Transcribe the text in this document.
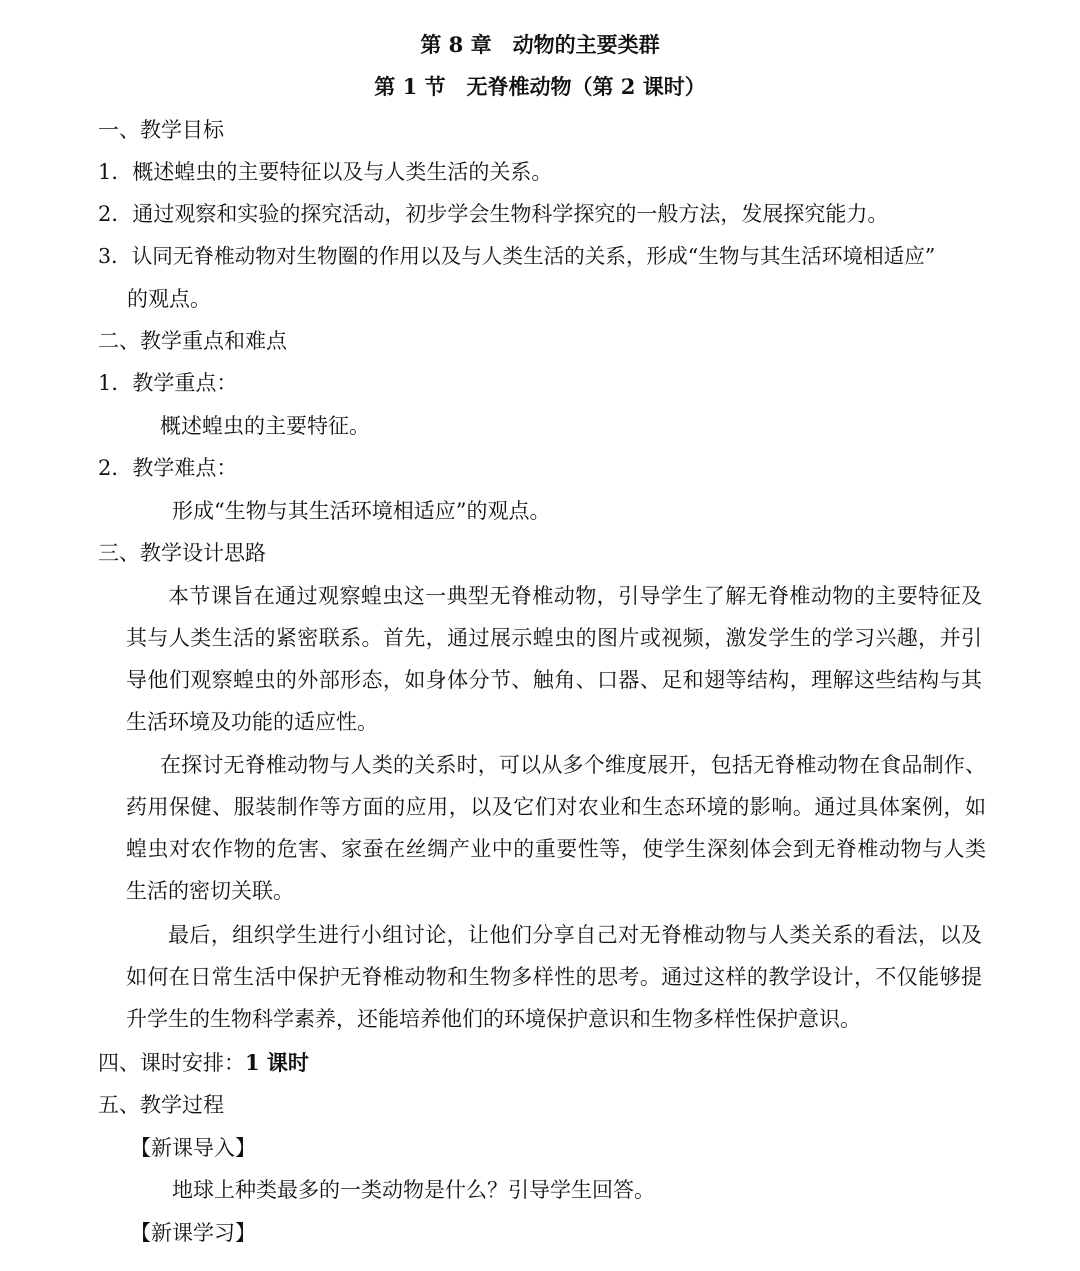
第 8 章　动物的主要类群
第 1 节　无脊椎动物（第 2 课时）
一、教学目标
1．概述蝗虫的主要特征以及与人类生活的关系。
2．通过观察和实验的探究活动，初步学会生物科学探究的一般方法，发展探究能力。
3．认同无脊椎动物对生物圈的作用以及与人类生活的关系，形成“生物与其生活环境相适应”
的观点。
二、教学重点和难点
1．教学重点：
概述蝗虫的主要特征。
2．教学难点：
形成“生物与其生活环境相适应”的观点。
三、教学设计思路

本节课旨在通过观察蝗虫这一典型无脊椎动物，引导学生了解无脊椎动物的主要特征及其与人类生活的紧密联系。首先，通过展示蝗虫的图片或视频，激发学生的学习兴趣，并引导他们观察蝗虫的外部形态，如身体分节、触角、口器、足和翅等结构，理解这些结构与其生活环境及功能的适应性。

在探讨无脊椎动物与人类的关系时，可以从多个维度展开，包括无脊椎动物在食品制作、药用保健、服装制作等方面的应用，以及它们对农业和生态环境的影响。通过具体案例，如蝗虫对农作物的危害、家蚕在丝绸产业中的重要性等，使学生深刻体会到无脊椎动物与人类生活的密切关联。

最后，组织学生进行小组讨论，让他们分享自己对无脊椎动物与人类关系的看法，以及如何在日常生活中保护无脊椎动物和生物多样性的思考。通过这样的教学设计，不仅能够提升学生的生物科学素养，还能培养他们的环境保护意识和生物多样性保护意识。

四、课时安排：1 课时
五、教学过程
【新课导入】
地球上种类最多的一类动物是什么？引导学生回答。
【新课学习】
